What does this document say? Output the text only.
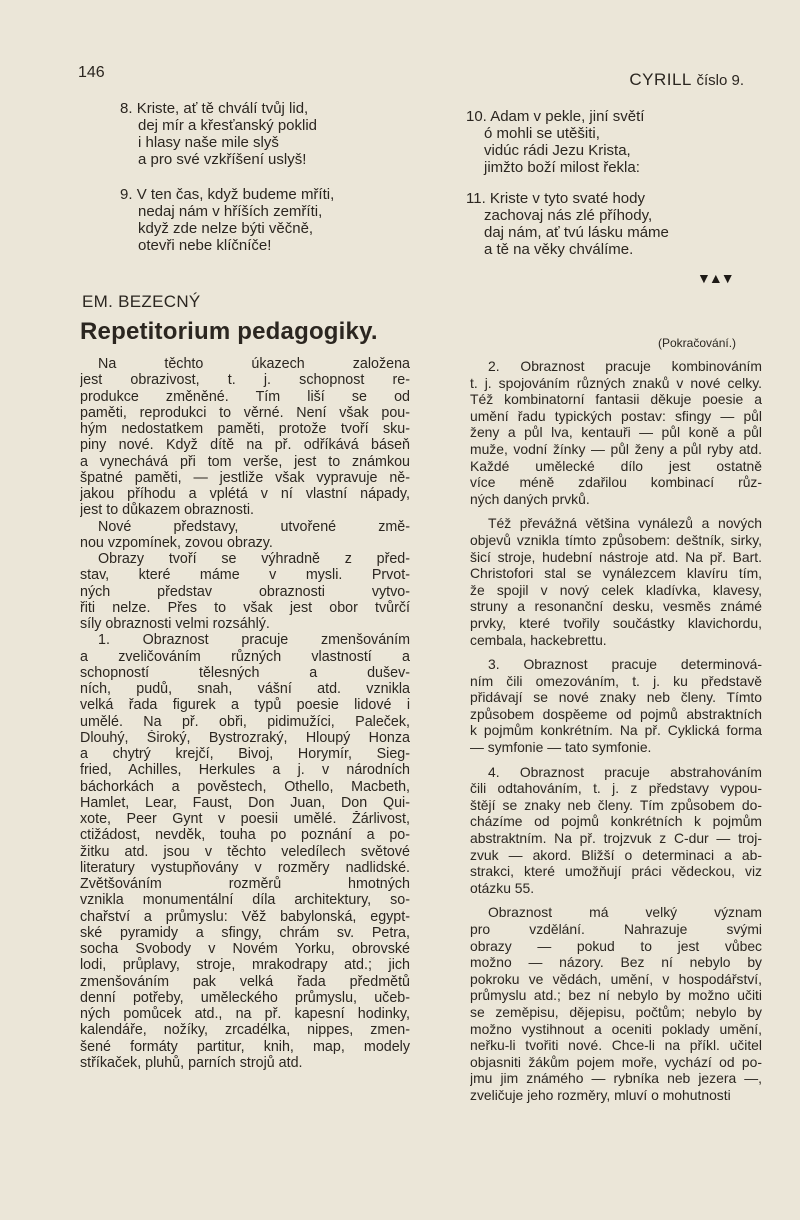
146	CYRILL číslo 9.
8. Kriste, ať tě chválí tvůj lid,
dej mír a křesťanský poklid
i hlasy naše mile slyš
a pro své vzkříšení uslyš!
9. V ten čas, když budeme mříti,
nedaj nám v hříších zemříti,
když zde nelze býti věčně,
otevři nebe klíčníče!
10. Adam v pekle, jiní světí
ó mohli se utěšiti,
vidúc rádi Jezu Krista,
jimžto boží milost řekla:
11. Kriste v tyto svaté hody
zachovaj nás zlé příhody,
daj nám, ať tvú lásku máme
a tě na věky chválíme.
▼▲▼
EM. BEZECNÝ
Repetitorium pedagogiky.	(Pokračování.)
Na těchto úkazech založena
jest obrazivost, t. j. schopnost re-
produkce změněné. Tím liší se od
paměti, reprodukci to věrné. Není však pou-
hým nedostatkem paměti, protože tvoří sku-
piny nové. Když dítě na př. odříkává báseň
a vynechává při tom verše, jest to známkou
špatné paměti, — jestliže však vypravuje ně-
jakou příhodu a vplétá v ní vlastní nápady,
jest to důkazem obraznosti.
Nové představy, utvořené změ-
nou vzpomínek, zovou obrazy.
Obrazy tvoří se výhradně z před-
stav, které máme v mysli. Prvot-
ných představ obraznosti vytvo-
řiti nelze. Přes to však jest obor tvůrčí
síly obraznosti velmi rozsáhlý.
1. Obraznost pracuje zmenšováním
a zveličováním různých vlastností a
schopností tělesných a dušev-
ních, pudů, snah, vášní atd. vznikla
velká řada figurek a typů poesie lidové i
umělé. Na př. obři, pidimužíci, Paleček,
Dlouhý, Široký, Bystrozraký, Hloupý Honza
a chytrý krejčí, Bivoj, Horymír, Sieg-
fried, Achilles, Herkules a j. v národních
báchorkách a pověstech, Othello, Macbeth,
Hamlet, Lear, Faust, Don Juan, Don Qui-
xote, Peer Gynt v poesii umělé. Žárlivost,
ctižádost, nevděk, touha po poznání a po-
žitku atd. jsou v těchto veledílech světové
literatury vystupňovány v rozměry nadlidské.
Zvětšováním rozměrů hmotných
vznikla monumentální díla architektury, so-
chařství a průmyslu: Věž babylonská, egypt-
ské pyramidy a sfingy, chrám sv. Petra,
socha Svobody v Novém Yorku, obrovské
lodi, průplavy, stroje, mrakodrapy atd.; jich
zmenšováním pak velká řada předmětů
denní potřeby, uměleckého průmyslu, učeb-
ných pomůcek atd., na př. kapesní hodinky,
kalendáře, nožíky, zrcadélka, nippes, zmen-
šené formáty partitur, knih, map, modely
stříkaček, pluhů, parních strojů atd.
2. Obraznost pracuje kombinováním
t. j. spojováním různých znaků v nové celky.
Též kombinatorní fantasii děkuje poesie a
umění řadu typických postav: sfingy — půl
ženy a půl lva, kentauři — půl koně a půl
muže, vodní žínky — půl ženy a půl ryby atd.
Každé umělecké dílo jest ostatně
více méně zdařilou kombinací růz-
ných daných prvků.
Též převážná většina vynálezů a nových
objevů vznikla tímto způsobem: deštník, sirky,
šicí stroje, hudební nástroje atd. Na př. Bart.
Christofori stal se vynálezcem klavíru tím,
že spojil v nový celek kladívka, klavesy,
struny a resonanční desku, vesměs známé
prvky, které tvořily součástky klavichordu,
cembala, hackebrettu.
3. Obraznost pracuje determinová-
ním čili omezováním, t. j. ku představě
přidávají se nové znaky neb členy. Tímto
způsobem dospěeme od pojmů abstraktních
k pojmům konkrétním. Na př. Cyklická forma
— symfonie — tato symfonie.
4. Obraznost pracuje abstrahováním
čili odtahováním, t. j. z představy vypou-
štějí se znaky neb členy. Tím způsobem do-
cházíme od pojmů konkrétních k pojmům
abstraktním. Na př. trojzvuk z C-dur — troj-
zvuk — akord. Bližší o determinaci a ab-
strakci, které umožňují práci vědeckou, viz
otázku 55.
Obraznost má velký význam
pro vzdělání. Nahrazuje svými
obrazy — pokud to jest vůbec
možno — názory. Bez ní nebylo by
pokroku ve vědách, umění, v hospodářství,
průmyslu atd.; bez ní nebylo by možno učiti
se zeměpisu, dějepisu, počtům; nebylo by
možno vystihnout a oceniti poklady umění,
neřku-li tvořiti nové. Chce-li na příkl. učitel
objasniti žákům pojem moře, vychází od po-
jmu jim známého — rybníka neb jezera —,
zveličuje jeho rozměry, mluví o mohutnosti
